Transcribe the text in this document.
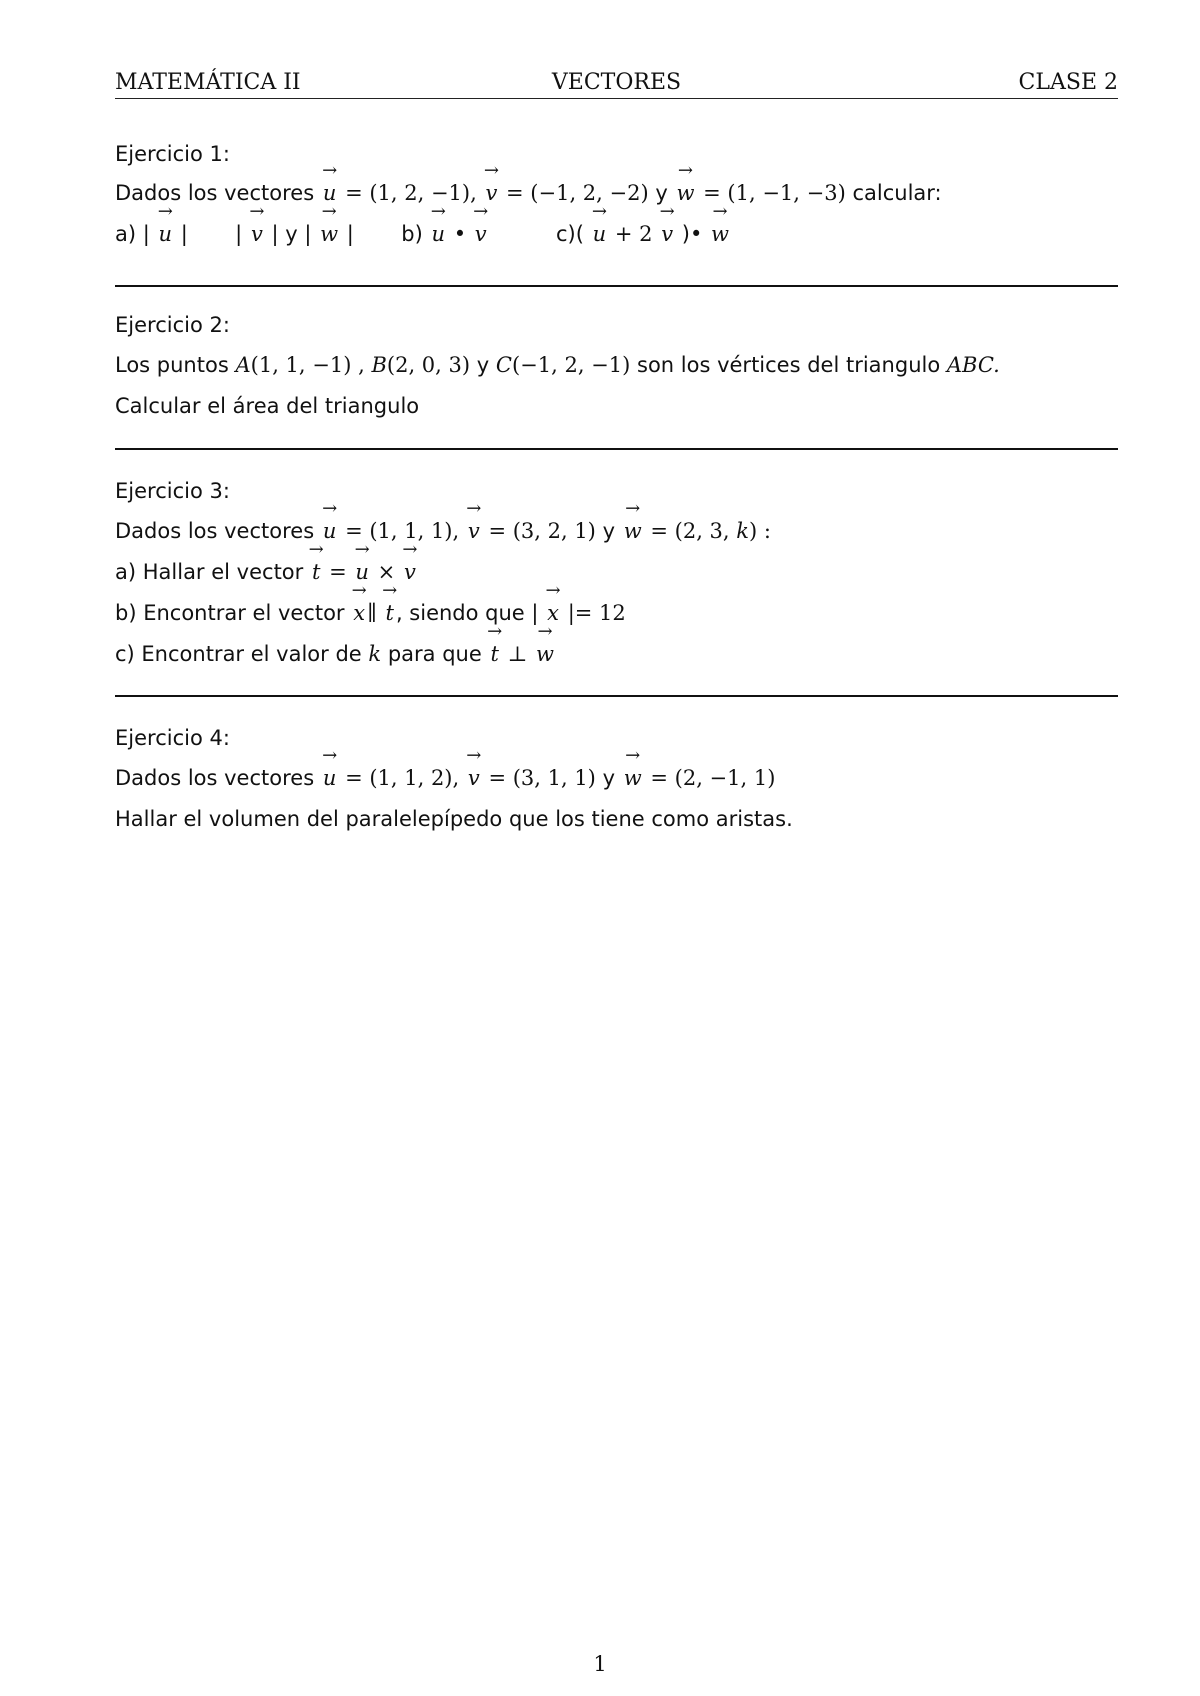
MATEMÁTICA II	VECTORES	CLASE 2
Ejercicio 1:
Dados los vectores → u = (1, 2, −1), → v = (−1, 2, −2) y → w = (1, −1, −3) calcular:
a) | → u | | → v | y | → w | b) → u • → v	c)( → u + 2 → v )• → w
Ejercicio 2:
Los puntos A(1, 1, −1) , B(2, 0, 3) y C(−1, 2, −1) son los vértices del triangulo ABC.
Calcular el área del triangulo
Ejercicio 3:
Dados los vectores → u = (1, 1, 1), → v = (3, 2, 1) y → w = (2, 3, k) :
a) Hallar el vector → t = → u × → v
b) Encontrar el vector → x∥ → t, siendo que | → x |= 12
c) Encontrar el valor de k para que → t ⊥ → w
Ejercicio 4:
Dados los vectores → u = (1, 1, 2), → v = (3, 1, 1) y → w = (2, −1, 1)
Hallar el volumen del paralelepípedo que los tiene como aristas.
1
